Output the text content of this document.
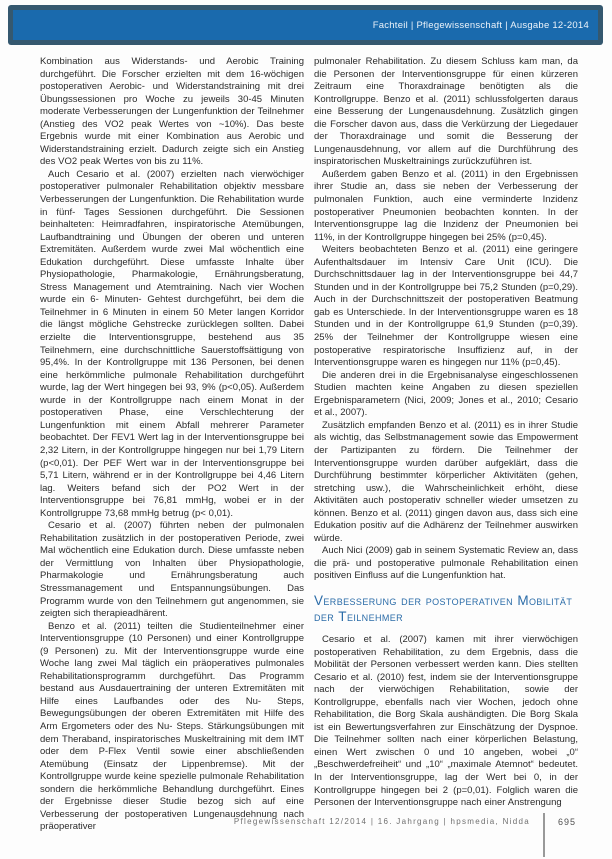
Fachteil | Pflegewissenschaft | Ausgabe 12-2014

Kombination aus Widerstands- und Aerobic Training durchgeführt. Die Forscher erzielten mit dem 16-wöchigen postoperativen Aerobic- und Widerstandstraining mit drei Übungssessionen pro Woche zu jeweils 30-45 Minuten moderate Verbesserungen der Lungenfunktion der Teilnehmer (Anstieg des VO2 peak Wertes von ~10%). Das beste Ergebnis wurde mit einer Kombination aus Aerobic und Widerstandstraining erzielt. Dadurch zeigte sich ein Anstieg des VO2 peak Wertes von bis zu 11%.

Auch Cesario et al. (2007) erzielten nach vierwöchiger postoperativer pulmonaler Rehabilitation objektiv messbare Verbesserungen der Lungenfunktion. Die Rehabilitation wurde in fünf- Tages Sessionen durchgeführt. Die Sessionen beinhalteten: Heimradfahren, inspiratorische Atemübungen, Laufbandtraining und Übungen der oberen und unteren Extremitäten. Außerdem wurde zwei Mal wöchentlich eine Edukation durchgeführt. Diese umfasste Inhalte über Physiopathologie, Pharmakologie, Ernährungsberatung, Stress Management und Atemtraining. Nach vier Wochen wurde ein 6- Minuten- Gehtest durchgeführt, bei dem die Teilnehmer in 6 Minuten in einem 50 Meter langen Korridor die längst mögliche Gehstrecke zurücklegen sollten. Dabei erzielte die Interventionsgruppe, bestehend aus 35 Teilnehmern, eine durchschnittliche Sauerstoffsättigung von 95,4%. In der Kontrollgruppe mit 136 Personen, bei denen eine herkömmliche pulmonale Rehabilitation durchgeführt wurde, lag der Wert hingegen bei 93, 9% (p<0,05). Außerdem wurde in der Kontrollgruppe nach einem Monat in der postoperativen Phase, eine Verschlechterung der Lungenfunktion mit einem Abfall mehrerer Parameter beobachtet. Der FEV1 Wert lag in der Interventionsgruppe bei 2,32 Litern, in der Kontrollgruppe hingegen nur bei 1,79 Litern (p<0,01). Der PEF Wert war in der Interventionsgruppe bei 5,71 Litern, während er in der Kontrollgruppe bei 4,46 Litern lag. Weiters befand sich der PO2 Wert in der Interventionsgruppe bei 76,81 mmHg, wobei er in der Kontrollgruppe 73,68 mmHg betrug (p< 0,01).

Cesario et al. (2007) führten neben der pulmonalen Rehabilitation zusätzlich in der postoperativen Periode, zwei Mal wöchentlich eine Edukation durch. Diese umfasste neben der Vermittlung von Inhalten über Physiopathologie, Pharmakologie und Ernährungsberatung auch Stressmanagement und Entspannungsübungen. Das Programm wurde von den Teilnehmern gut angenommen, sie zeigten sich therapieadhärent.

Benzo et al. (2011) teilten die Studienteilnehmer einer Interventionsgruppe (10 Personen) und einer Kontrollgruppe (9 Personen) zu. Mit der Interventionsgruppe wurde eine Woche lang zwei Mal täglich ein präoperatives pulmonales Rehabilitationsprogramm durchgeführt. Das Programm bestand aus Ausdauertraining der unteren Extremitäten mit Hilfe eines Laufbandes oder des Nu- Steps, Bewegungsübungen der oberen Extremitäten mit Hilfe des Arm Ergometers oder des Nu- Steps. Stärkungsübungen mit dem Theraband, inspiratorisches Muskeltraining mit dem IMT oder dem P-Flex Ventil sowie einer abschließenden Atemübung (Einsatz der Lippenbremse). Mit der Kontrollgruppe wurde keine spezielle pulmonale Rehabilitation sondern die herkömmliche Behandlung durchgeführt. Eines der Ergebnisse dieser Studie bezog sich auf eine Verbesserung der postoperativen Lungenausdehnung nach präoperativer

pulmonaler Rehabilitation. Zu diesem Schluss kam man, da die Personen der Interventionsgruppe für einen kürzeren Zeitraum eine Thoraxdrainage benötigten als die Kontrollgruppe. Benzo et al. (2011) schlussfolgerten daraus eine Besserung der Lungenausdehnung. Zusätzlich gingen die Forscher davon aus, dass die Verkürzung der Liegedauer der Thoraxdrainage und somit die Besserung der Lungenausdehnung, vor allem auf die Durchführung des inspiratorischen Muskeltrainings zurückzuführen ist.

Außerdem gaben Benzo et al. (2011) in den Ergebnissen ihrer Studie an, dass sie neben der Verbesserung der pulmonalen Funktion, auch eine verminderte Inzidenz postoperativer Pneumonien beobachten konnten. In der Interventionsgruppe lag die Inzidenz der Pneumonien bei 11%, in der Kontrollgruppe hingegen bei 25% (p=0,45).

Weiters beobachteten Benzo et al. (2011) eine geringere Aufenthaltsdauer im Intensiv Care Unit (ICU). Die Durchschnittsdauer lag in der Interventionsgruppe bei 44,7 Stunden und in der Kontrollgruppe bei 75,2 Stunden (p=0,29). Auch in der Durchschnittszeit der postoperativen Beatmung gab es Unterschiede. In der Interventionsgruppe waren es 18 Stunden und in der Kontrollgruppe 61,9 Stunden (p=0,39). 25% der Teilnehmer der Kontrollgruppe wiesen eine postoperative respiratorische Insuffizienz auf, in der Interventionsgruppe waren es hingegen nur 11% (p=0,45).

Die anderen drei in die Ergebnisanalyse eingeschlossenen Studien machten keine Angaben zu diesen speziellen Ergebnisparametern (Nici, 2009; Jones et al., 2010; Cesario et al., 2007).

Zusätzlich empfanden Benzo et al. (2011) es in ihrer Studie als wichtig, das Selbstmanagement sowie das Empowerment der Partizipanten zu fördern. Die Teilnehmer der Interventionsgruppe wurden darüber aufgeklärt, dass die Durchführung bestimmter körperlicher Aktivitäten (gehen, stretching usw.), die Wahrscheinlichkeit erhöht, diese Aktivitäten auch postoperativ schneller wieder umsetzen zu können. Benzo et al. (2011) gingen davon aus, dass sich eine Edukation positiv auf die Adhärenz der Teilnehmer auswirken würde.

Auch Nici (2009) gab in seinem Systematic Review an, dass die prä- und postoperative pulmonale Rehabilitation einen positiven Einfluss auf die Lungenfunktion hat.

Verbesserung der postoperativen Mobilität der Teilnehmer

Cesario et al. (2007) kamen mit ihrer vierwöchigen postoperativen Rehabilitation, zu dem Ergebnis, dass die Mobilität der Personen verbessert werden kann. Dies stellten Cesario et al. (2010) fest, indem sie der Interventionsgruppe nach der vierwöchigen Rehabilitation, sowie der Kontrollgruppe, ebenfalls nach vier Wochen, jedoch ohne Rehabilitation, die Borg Skala aushändigten. Die Borg Skala ist ein Bewertungsverfahren zur Einschätzung der Dyspnoe. Die Teilnehmer sollten nach einer körperlichen Belastung, einen Wert zwischen 0 und 10 angeben, wobei „0“ „Beschwerdefreiheit“ und „10“ „maximale Atemnot“ bedeutet. In der Interventionsgruppe, lag der Wert bei 0, in der Kontrollgruppe hingegen bei 2 (p=0,01). Folglich waren die Personen der Interventionsgruppe nach einer Anstrengung

Pflegewissenschaft 12/2014 | 16. Jahrgang | hpsmedia, Nidda	695
